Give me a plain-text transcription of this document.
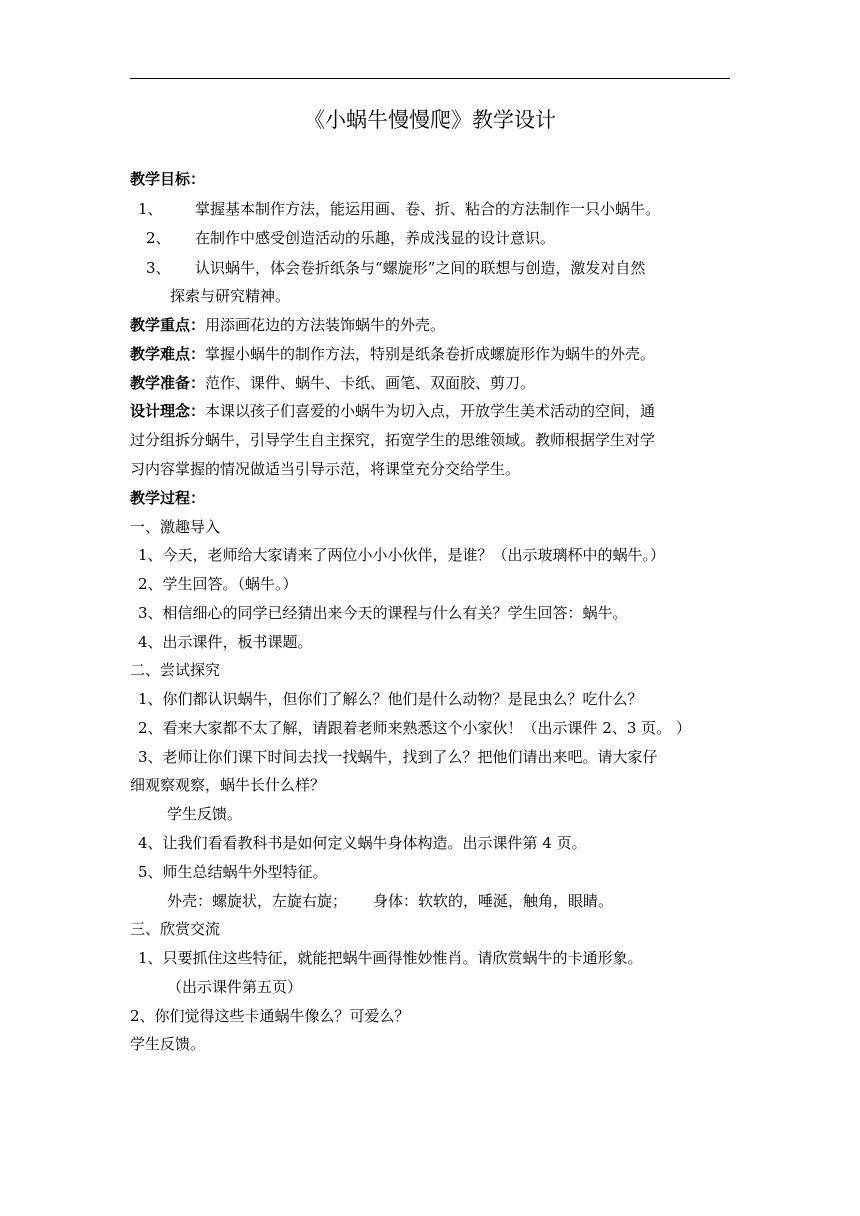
《小蜗牛慢慢爬》教学设计
教学目标：
1、 掌握基本制作方法，能运用画、卷、折、粘合的方法制作一只小蜗牛。
2、 在制作中感受创造活动的乐趣，养成浅显的设计意识。
3、 认识蜗牛，体会卷折纸条与“螺旋形”之间的联想与创造，激发对自然
探索与研究精神。
教学重点：用添画花边的方法装饰蜗牛的外壳。
教学难点：掌握小蜗牛的制作方法，特别是纸条卷折成螺旋形作为蜗牛的外壳。
教学准备：范作、课件、蜗牛、卡纸、画笔、双面胶、剪刀。
设计理念：本课以孩子们喜爱的小蜗牛为切入点，开放学生美术活动的空间，通
过分组拆分蜗牛，引导学生自主探究，拓宽学生的思维领域。教师根据学生对学
习内容掌握的情况做适当引导示范，将课堂充分交给学生。
教学过程：
一、激趣导入
1、今天，老师给大家请来了两位小小小伙伴，是谁？（出示玻璃杯中的蜗牛。）
2、学生回答。（蜗牛。）
3、相信细心的同学已经猜出来今天的课程与什么有关？学生回答：蜗牛。
4、出示课件，板书课题。
二、尝试探究
1、你们都认识蜗牛，但你们了解么？他们是什么动物？是昆虫么？吃什么？
2、看来大家都不太了解，请跟着老师来熟悉这个小家伙！（出示课件 2、3 页。 ）
3、老师让你们课下时间去找一找蜗牛，找到了么？把他们请出来吧。请大家仔
细观察观察，蜗牛长什么样？
学生反馈。
4、让我们看看教科书是如何定义蜗牛身体构造。出示课件第 4 页。
5、师生总结蜗牛外型特征。
外壳：螺旋状，左旋右旋； 身体：软软的，唾涎，触角，眼睛。
三、欣赏交流
1、只要抓住这些特征，就能把蜗牛画得惟妙惟肖。请欣赏蜗牛的卡通形象。
（出示课件第五页）
2、你们觉得这些卡通蜗牛像么？可爱么？
学生反馈。
